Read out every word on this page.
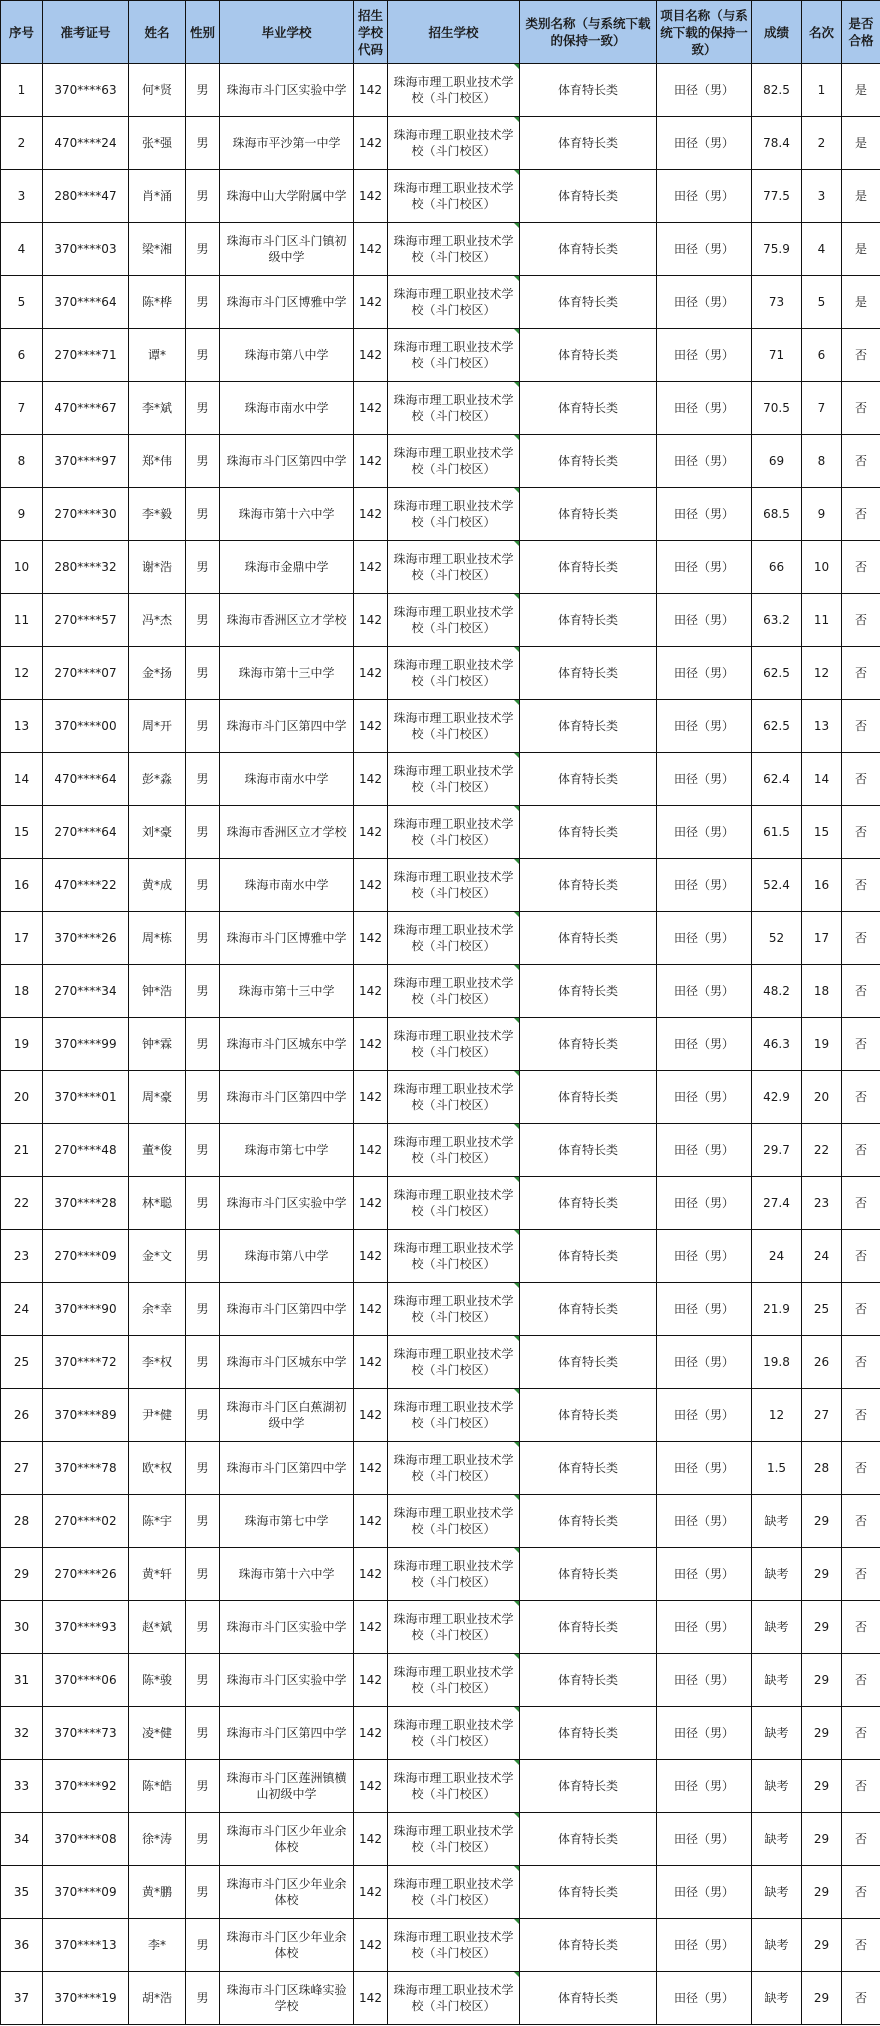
序号	准考证号	姓名	性别	毕业学校	招生学校代码	招生学校	类别名称（与系统下载的保持一致）	项目名称（与系统下载的保持一致）	成绩	名次	是否合格
1	370****63	何*贤	男	珠海市斗门区实验中学	142	珠海市理工职业技术学校（斗门校区）	体育特长类	田径（男）	82.5	1	是
2	470****24	张*强	男	珠海市平沙第一中学	142	珠海市理工职业技术学校（斗门校区）	体育特长类	田径（男）	78.4	2	是
3	280****47	肖*涌	男	珠海中山大学附属中学	142	珠海市理工职业技术学校（斗门校区）	体育特长类	田径（男）	77.5	3	是
4	370****03	梁*湘	男	珠海市斗门区斗门镇初级中学	142	珠海市理工职业技术学校（斗门校区）	体育特长类	田径（男）	75.9	4	是
5	370****64	陈*桦	男	珠海市斗门区博雅中学	142	珠海市理工职业技术学校（斗门校区）	体育特长类	田径（男）	73	5	是
6	270****71	谭*	男	珠海市第八中学	142	珠海市理工职业技术学校（斗门校区）	体育特长类	田径（男）	71	6	否
7	470****67	李*斌	男	珠海市南水中学	142	珠海市理工职业技术学校（斗门校区）	体育特长类	田径（男）	70.5	7	否
8	370****97	郑*伟	男	珠海市斗门区第四中学	142	珠海市理工职业技术学校（斗门校区）	体育特长类	田径（男）	69	8	否
9	270****30	李*毅	男	珠海市第十六中学	142	珠海市理工职业技术学校（斗门校区）	体育特长类	田径（男）	68.5	9	否
10	280****32	谢*浩	男	珠海市金鼎中学	142	珠海市理工职业技术学校（斗门校区）	体育特长类	田径（男）	66	10	否
11	270****57	冯*杰	男	珠海市香洲区立才学校	142	珠海市理工职业技术学校（斗门校区）	体育特长类	田径（男）	63.2	11	否
12	270****07	金*扬	男	珠海市第十三中学	142	珠海市理工职业技术学校（斗门校区）	体育特长类	田径（男）	62.5	12	否
13	370****00	周*开	男	珠海市斗门区第四中学	142	珠海市理工职业技术学校（斗门校区）	体育特长类	田径（男）	62.5	13	否
14	470****64	彭*淼	男	珠海市南水中学	142	珠海市理工职业技术学校（斗门校区）	体育特长类	田径（男）	62.4	14	否
15	270****64	刘*豪	男	珠海市香洲区立才学校	142	珠海市理工职业技术学校（斗门校区）	体育特长类	田径（男）	61.5	15	否
16	470****22	黄*成	男	珠海市南水中学	142	珠海市理工职业技术学校（斗门校区）	体育特长类	田径（男）	52.4	16	否
17	370****26	周*栋	男	珠海市斗门区博雅中学	142	珠海市理工职业技术学校（斗门校区）	体育特长类	田径（男）	52	17	否
18	270****34	钟*浩	男	珠海市第十三中学	142	珠海市理工职业技术学校（斗门校区）	体育特长类	田径（男）	48.2	18	否
19	370****99	钟*霖	男	珠海市斗门区城东中学	142	珠海市理工职业技术学校（斗门校区）	体育特长类	田径（男）	46.3	19	否
20	370****01	周*豪	男	珠海市斗门区第四中学	142	珠海市理工职业技术学校（斗门校区）	体育特长类	田径（男）	42.9	20	否
21	270****48	董*俊	男	珠海市第七中学	142	珠海市理工职业技术学校（斗门校区）	体育特长类	田径（男）	29.7	22	否
22	370****28	林*聪	男	珠海市斗门区实验中学	142	珠海市理工职业技术学校（斗门校区）	体育特长类	田径（男）	27.4	23	否
23	270****09	金*文	男	珠海市第八中学	142	珠海市理工职业技术学校（斗门校区）	体育特长类	田径（男）	24	24	否
24	370****90	余*幸	男	珠海市斗门区第四中学	142	珠海市理工职业技术学校（斗门校区）	体育特长类	田径（男）	21.9	25	否
25	370****72	李*权	男	珠海市斗门区城东中学	142	珠海市理工职业技术学校（斗门校区）	体育特长类	田径（男）	19.8	26	否
26	370****89	尹*健	男	珠海市斗门区白蕉湖初级中学	142	珠海市理工职业技术学校（斗门校区）	体育特长类	田径（男）	12	27	否
27	370****78	欧*权	男	珠海市斗门区第四中学	142	珠海市理工职业技术学校（斗门校区）	体育特长类	田径（男）	1.5	28	否
28	270****02	陈*宇	男	珠海市第七中学	142	珠海市理工职业技术学校（斗门校区）	体育特长类	田径（男）	缺考	29	否
29	270****26	黄*轩	男	珠海市第十六中学	142	珠海市理工职业技术学校（斗门校区）	体育特长类	田径（男）	缺考	29	否
30	370****93	赵*斌	男	珠海市斗门区实验中学	142	珠海市理工职业技术学校（斗门校区）	体育特长类	田径（男）	缺考	29	否
31	370****06	陈*骏	男	珠海市斗门区实验中学	142	珠海市理工职业技术学校（斗门校区）	体育特长类	田径（男）	缺考	29	否
32	370****73	凌*健	男	珠海市斗门区第四中学	142	珠海市理工职业技术学校（斗门校区）	体育特长类	田径（男）	缺考	29	否
33	370****92	陈*皓	男	珠海市斗门区莲洲镇横山初级中学	142	珠海市理工职业技术学校（斗门校区）	体育特长类	田径（男）	缺考	29	否
34	370****08	徐*涛	男	珠海市斗门区少年业余体校	142	珠海市理工职业技术学校（斗门校区）	体育特长类	田径（男）	缺考	29	否
35	370****09	黄*鹏	男	珠海市斗门区少年业余体校	142	珠海市理工职业技术学校（斗门校区）	体育特长类	田径（男）	缺考	29	否
36	370****13	李*	男	珠海市斗门区少年业余体校	142	珠海市理工职业技术学校（斗门校区）	体育特长类	田径（男）	缺考	29	否
37	370****19	胡*浩	男	珠海市斗门区珠峰实验学校	142	珠海市理工职业技术学校（斗门校区）	体育特长类	田径（男）	缺考	29	否
